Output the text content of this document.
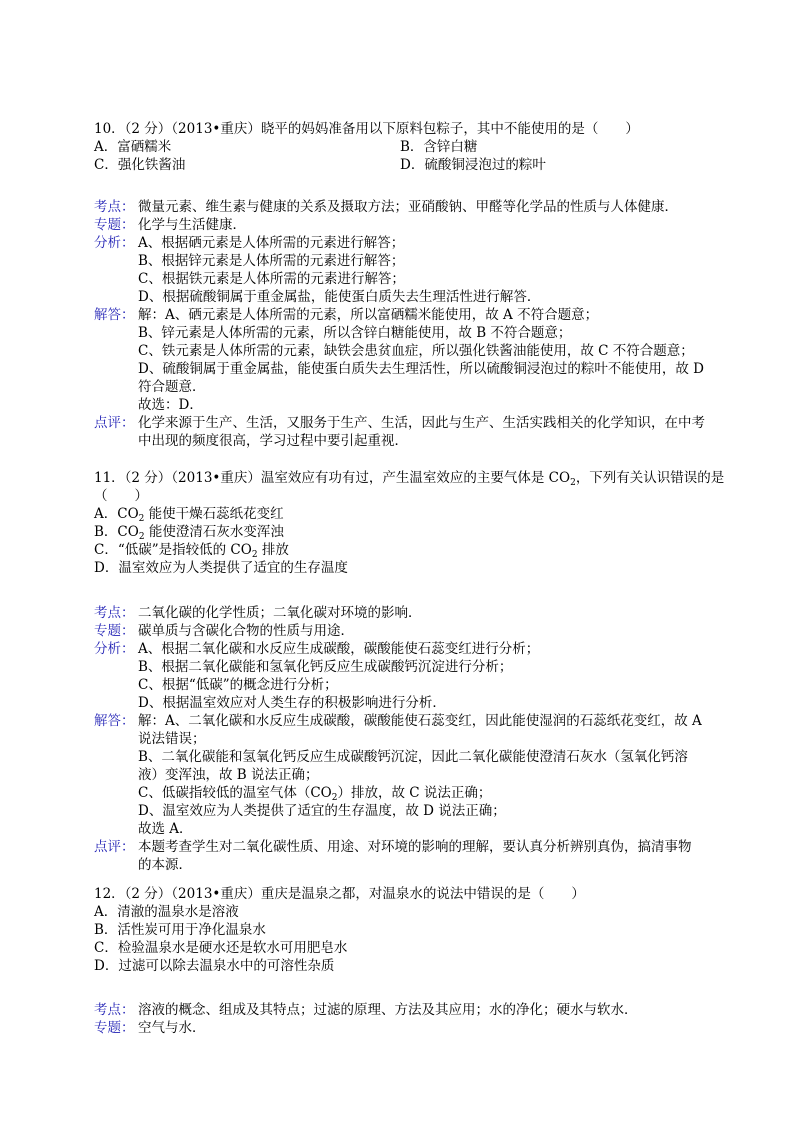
10．（2 分）（2013•重庆）晓平的妈妈准备用以下原料包粽子，其中不能使用的是（　　）
A．富硒糯米	B．含锌白糖
C．强化铁酱油	D．硫酸铜浸泡过的粽叶
考点： 微量元素、维生素与健康的关系及摄取方法；亚硝酸钠、甲醛等化学品的性质与人体健康．
专题： 化学与生活健康．
分析： A、根据硒元素是人体所需的元素进行解答；
B、根据锌元素是人体所需的元素进行解答；
C、根据铁元素是人体所需的元素进行解答；
D、根据硫酸铜属于重金属盐，能使蛋白质失去生理活性进行解答．
解答： 解：A、硒元素是人体所需的元素，所以富硒糯米能使用，故 A 不符合题意；
B、锌元素是人体所需的元素，所以含锌白糖能使用，故 B 不符合题意；
C、铁元素是人体所需的元素，缺铁会患贫血症，所以强化铁酱油能使用，故 C 不符合题意；
D、硫酸铜属于重金属盐，能使蛋白质失去生理活性，所以硫酸铜浸泡过的粽叶不能使用，故 D
符合题意．
故选：D．
点评： 化学来源于生产、生活，又服务于生产、生活，因此与生产、生活实践相关的化学知识，在中考
中出现的频度很高，学习过程中要引起重视．
11．（2 分）（2013•重庆）温室效应有功有过，产生温室效应的主要气体是 $CO_2$，下列有关认识错误的是
（　　）
A．$CO_2$ 能使干燥石蕊纸花变红
B．$CO_2$ 能使澄清石灰水变浑浊
C．“低碳”是指较低的 $CO_2$ 排放
D．温室效应为人类提供了适宜的生存温度
考点： 二氧化碳的化学性质；二氧化碳对环境的影响．
专题： 碳单质与含碳化合物的性质与用途．
分析： A、根据二氧化碳和水反应生成碳酸，碳酸能使石蕊变红进行分析；
B、根据二氧化碳能和氢氧化钙反应生成碳酸钙沉淀进行分析；
C、根据“低碳”的概念进行分析；
D、根据温室效应对人类生存的积极影响进行分析．
解答： 解：A、二氧化碳和水反应生成碳酸，碳酸能使石蕊变红，因此能使湿润的石蕊纸花变红，故 A
说法错误；
B、二氧化碳能和氢氧化钙反应生成碳酸钙沉淀，因此二氧化碳能使澄清石灰水（氢氧化钙溶
液）变浑浊，故 B 说法正确；
C、低碳指较低的温室气体$(CO_2)$排放，故 C 说法正确；
D、温室效应为人类提供了适宜的生存温度，故 D 说法正确；
故选 A．
点评： 本题考查学生对二氧化碳性质、用途、对环境的影响的理解，要认真分析辨别真伪，搞清事物
的本源．
12．（2 分）（2013•重庆）重庆是温泉之都，对温泉水的说法中错误的是（　　）
A．清澈的温泉水是溶液
B．活性炭可用于净化温泉水
C．检验温泉水是硬水还是软水可用肥皂水
D．过滤可以除去温泉水中的可溶性杂质
考点： 溶液的概念、组成及其特点；过滤的原理、方法及其应用；水的净化；硬水与软水．
专题： 空气与水．
